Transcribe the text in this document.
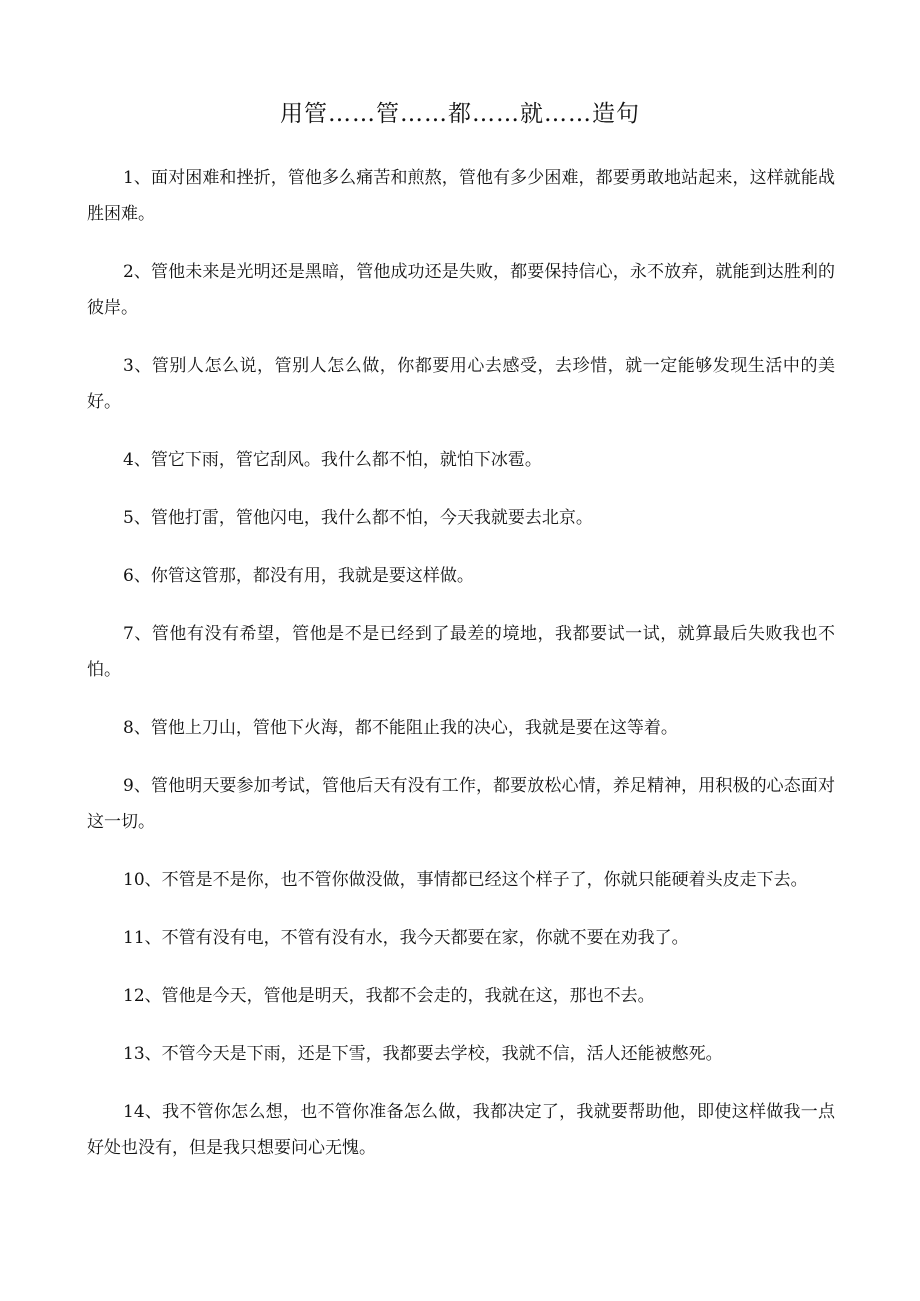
用管……管……都……就……造句

1、面对困难和挫折，管他多么痛苦和煎熬，管他有多少困难，都要勇敢地站起来，这样就能战胜困难。

2、管他未来是光明还是黑暗，管他成功还是失败，都要保持信心，永不放弃，就能到达胜利的彼岸。

3、管别人怎么说，管别人怎么做，你都要用心去感受，去珍惜，就一定能够发现生活中的美好。

4、管它下雨，管它刮风。我什么都不怕，就怕下冰雹。

5、管他打雷，管他闪电，我什么都不怕，今天我就要去北京。

6、你管这管那，都没有用，我就是要这样做。

7、管他有没有希望，管他是不是已经到了最差的境地，我都要试一试，就算最后失败我也不怕。

8、管他上刀山，管他下火海，都不能阻止我的决心，我就是要在这等着。

9、管他明天要参加考试，管他后天有没有工作，都要放松心情，养足精神，用积极的心态面对这一切。

10、不管是不是你，也不管你做没做，事情都已经这个样子了，你就只能硬着头皮走下去。

11、不管有没有电，不管有没有水，我今天都要在家，你就不要在劝我了。

12、管他是今天，管他是明天，我都不会走的，我就在这，那也不去。

13、不管今天是下雨，还是下雪，我都要去学校，我就不信，活人还能被憋死。

14、我不管你怎么想，也不管你准备怎么做，我都决定了，我就要帮助他，即使这样做我一点好处也没有，但是我只想要问心无愧。
